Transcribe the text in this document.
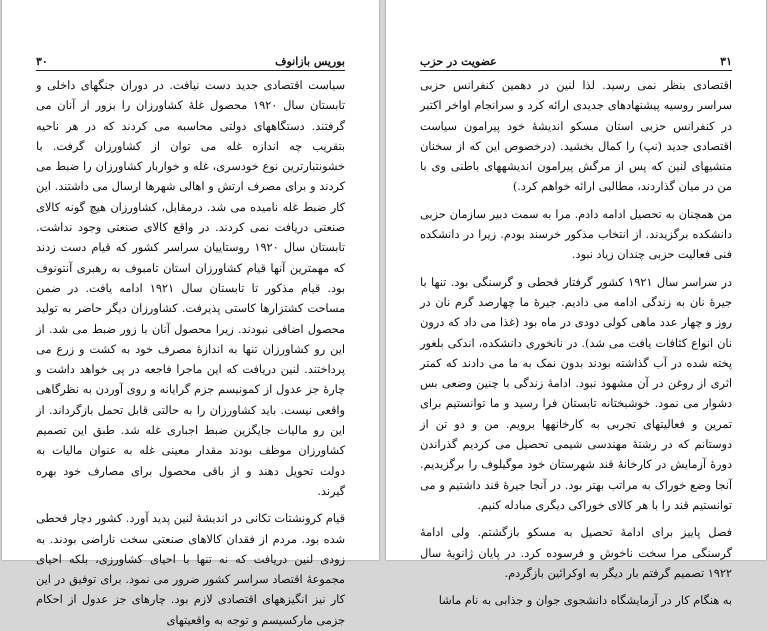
۳۰	بوریس بازانوف

سیاست اقتصادی جدید دست نیافت. در دوران جنگهای داخلی و تابستان سال ۱۹۲۰ محصول غلهٔ کشاورزان را بزور از آنان می گرفتند. دستگاههای دولتی محاسبه می کردند که در هر ناحیه بتقریب چه اندازه غله می توان از کشاورزان گرفت. با خشونتبارترین نوع خودسری، غله و خواربار کشاورزان را ضبط می کردند و برای مصرف ارتش و اهالی شهرها ارسال می داشتند. این کار ضبط غله نامیده می شد. درمقابل، کشاورزان هیچ گونه کالای صنعتی دریافت نمی کردند. در واقع کالای صنعتی وجود نداشت. تابستان سال ۱۹۲۰ روستاییان سراسر کشور که قیام دست زدند که مهمترین آنها قیام کشاورزان استان تامبوف به رهبری آنتونوف بود. قیام مذکور تا تابستان سال ۱۹۲۱ ادامه یافت. در ضمن مساحت کشتزارها کاستی پذیرفت. کشاورزان دیگر حاضر به تولید محصول اضافی نبودند. زیرا محصول آنان با زور ضبط می شد. از این رو کشاورزان تنها به اندازهٔ مصرف خود به کشت و زرع می پرداختند. لنین دریافت که این ماجرا فاجعه در پی خواهد داشت و چارهٔ جز عدول از کمونیسم جزم گرایانه و روی آوردن به نظرگاهی واقعی نیست. باید کشاورزان را به حالتی قابل تحمل بازگرداند. از این رو مالیات جایگزین ضبط اجباری غله شد. طبق این تصمیم کشاورزان موظف بودند مقدار معینی غله به عنوان مالیات به دولت تحویل دهند و از باقی محصول برای مصارف خود بهره گیرند.

قیام کرونشتات تکانی در اندیشهٔ لنین پدید آورد. کشور دچار قحطی شده بود. مردم از فقدان کالاهای صنعتی سخت ناراضی بودند. به زودی لنین دریافت که نه تنها با احیای کشاورزی، بلکه احیای مجموعهٔ اقتصاد سراسر کشور ضرور می نمود. برای توفیق در این کار نیز انگیزههای اقتصادی لازم بود. چارهای جز عدول از احکام جزمی مارکسیسم و توجه به واقعیتهای

عضویت در حزب	۳۱

اقتصادی بنظر نمی رسید. لذا لنین در دهمین کنفرانس حزبی سراسر روسیه پیشنهادهای جدیدی ارائه کرد و سرانجام اواخر اکتبر در کنفرانس حزبی استان مسکو اندیشهٔ خود پیرامون سیاست اقتصادی جدید (نپ) را کمال بخشید. (درخصوص این که از سخنان منشیهای لنین که پس از مرگش پیرامون اندیشههای باطنی وی با من در میان گذاردند، مطالبی ارائه خواهم کرد.)

من همچنان به تحصیل ادامه دادم. مرا به سمت دبیر سازمان حزبی دانشکده برگزیدند. از انتخاب مذکور خرسند بودم. زیرا در دانشکده فنی فعالیت حزبی چندان زیاد نبود.

در سراسر سال ۱۹۲۱ کشور گرفتار قحطی و گرسنگی بود. تنها با جیرهٔ نان به زندگی ادامه می دادیم. جیرهٔ ما چهارصد گرم نان در روز و چهار عدد ماهی کولی دودی در ماه بود (غذا می داد که درون نان انواع کثافات یافت می شد). در نانخوری دانشکده، اندکی بلغور پخته شده در آب گذاشته بودند بدون نمک به ما می دادند که کمتر اثری از روغن در آن مشهود نبود. ادامهٔ زندگی با چنین وضعی بس دشوار می نمود. خوشبختانه تابستان فرا رسید و ما توانستیم برای تمرین و فعالیتهای تجربی به کارخانهها برویم. من و دو تن از دوستانم که در رشتهٔ مهندسی شیمی تحصیل می کردیم گذراندن دورهٔ آزمایش در کارخانهٔ قند شهرستان خود موگیلوف را برگزیدیم. آنجا وضع خوراک به مراتب بهتر بود. در آنجا جیرهٔ قند داشتیم و می توانستیم قند را با هر کالای خوراکی دیگری مبادله کنیم.

فصل پاییز برای ادامهٔ تحصیل به مسکو بازگشتم. ولی ادامهٔ گرسنگی مرا سخت ناخوش و فرسوده کرد. در پایان ژانویهٔ سال ۱۹۲۲ تصمیم گرفتم بار دیگر به اوکرائین بازگردم.

به هنگام کار در آزمایشگاه دانشجوی جوان و جذابی به نام ماشا
